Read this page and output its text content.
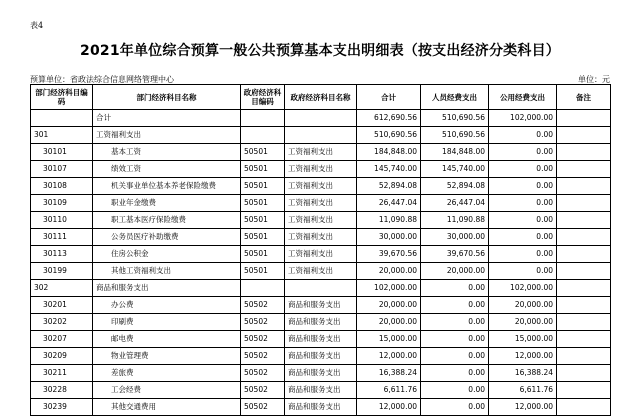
表4
2021年单位综合预算一般公共预算基本支出明细表（按支出经济分类科目）
预算单位：省政法综合信息网络管理中心	单位：元
部门经济科目编码	部门经济科目名称	政府经济科目编码	政府经济科目名称	合计	人员经费支出	公用经费支出	备注
	合计			612,690.56	510,690.56	102,000.00	
301	工资福利支出			510,690.56	510,690.56	0.00	
30101	基本工资	50501	工资福利支出	184,848.00	184,848.00	0.00	
30107	绩效工资	50501	工资福利支出	145,740.00	145,740.00	0.00	
30108	机关事业单位基本养老保险缴费	50501	工资福利支出	52,894.08	52,894.08	0.00	
30109	职业年金缴费	50501	工资福利支出	26,447.04	26,447.04	0.00	
30110	职工基本医疗保险缴费	50501	工资福利支出	11,090.88	11,090.88	0.00	
30111	公务员医疗补助缴费	50501	工资福利支出	30,000.00	30,000.00	0.00	
30113	住房公积金	50501	工资福利支出	39,670.56	39,670.56	0.00	
30199	其他工资福利支出	50501	工资福利支出	20,000.00	20,000.00	0.00	
302	商品和服务支出			102,000.00	0.00	102,000.00	
30201	办公费	50502	商品和服务支出	20,000.00	0.00	20,000.00	
30202	印刷费	50502	商品和服务支出	20,000.00	0.00	20,000.00	
30207	邮电费	50502	商品和服务支出	15,000.00	0.00	15,000.00	
30209	物业管理费	50502	商品和服务支出	12,000.00	0.00	12,000.00	
30211	差旅费	50502	商品和服务支出	16,388.24	0.00	16,388.24	
30228	工会经费	50502	商品和服务支出	6,611.76	0.00	6,611.76	
30239	其他交通费用	50502	商品和服务支出	12,000.00	0.00	12,000.00	
